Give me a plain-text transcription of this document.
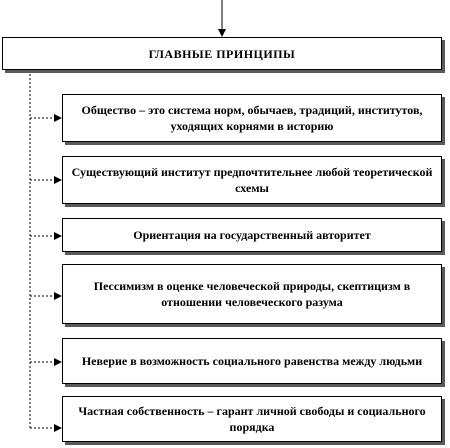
ГЛАВНЫЕ ПРИНЦИПЫ
Общество – это система норм, обычаев, традиций, институтов, уходящих корнями в историю
Существующий институт предпочтительнее любой теоретической схемы
Ориентация на государственный авторитет
Пессимизм в оценке человеческой природы, скептицизм в отношении человеческого разума
Неверие в возможность социального равенства между людьми
Частная собственность – гарант личной свободы и социального порядка
